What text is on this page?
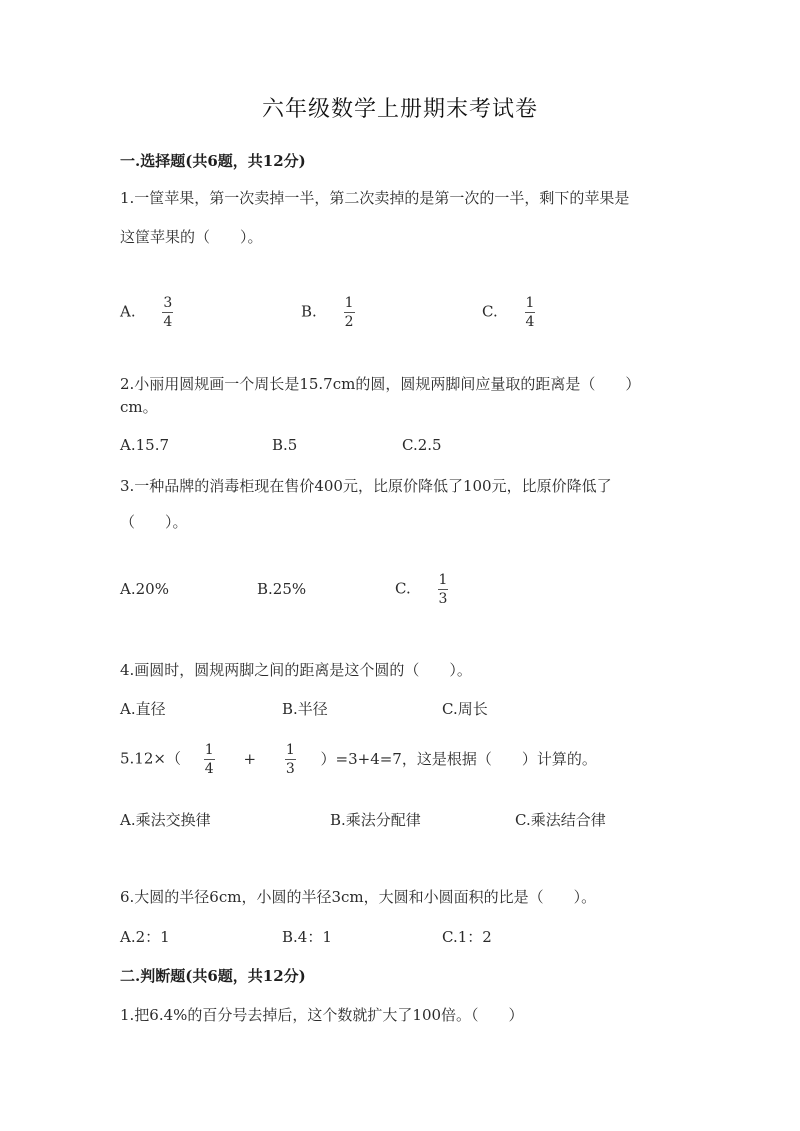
六年级数学上册期末考试卷
一.选择题(共6题，共12分)
1.一筐苹果，第一次卖掉一半，第二次卖掉的是第一次的一半，剩下的苹果是
这筐苹果的（　　）。
A. $\frac{3}{4}$	B. $\frac{1}{2}$	C. $\frac{1}{4}$
2.小丽用圆规画一个周长是15.7cm的圆，圆规两脚间应量取的距离是（　　）
cm。
A.15.7	B.5	C.2.5
3.一种品牌的消毒柜现在售价400元，比原价降低了100元，比原价降低了
（　　）。
A.20%	B.25%	C. $\frac{1}{3}$
4.画圆时，圆规两脚之间的距离是这个圆的（　　）。
A.直径	B.半径	C.周长
$5.12\times( \frac{1}{4} + \frac{1}{3} )=3+4=7$，这是根据（　　）计算的。
A.乘法交换律	B.乘法分配律	C.乘法结合律
6.大圆的半径6cm，小圆的半径3cm，大圆和小圆面积的比是（　　）。
A.2：1	B.4：1	C.1：2
二.判断题(共6题，共12分)
1.把6.4%的百分号去掉后，这个数就扩大了100倍。（　　）
